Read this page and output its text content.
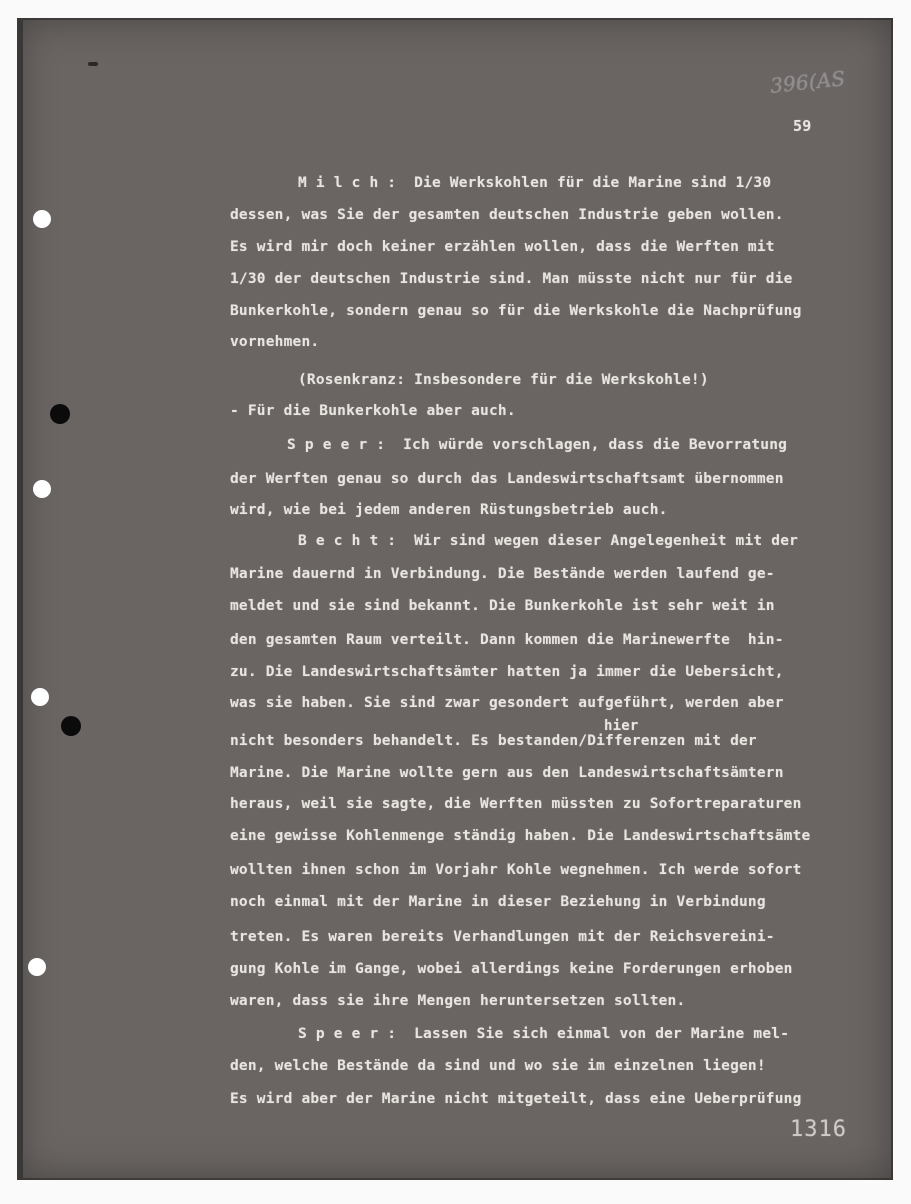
396(AS
59
M i l c h :  Die Werkskohlen für die Marine sind 1/30
dessen, was Sie der gesamten deutschen Industrie geben wollen.
Es wird mir doch keiner erzählen wollen, dass die Werften mit
1/30 der deutschen Industrie sind. Man müsste nicht nur für die
Bunkerkohle, sondern genau so für die Werkskohle die Nachprüfung
vornehmen.
(Rosenkranz: Insbesondere für die Werkskohle!)
- Für die Bunkerkohle aber auch.
S p e e r :  Ich würde vorschlagen, dass die Bevorratung
der Werften genau so durch das Landeswirtschaftsamt übernommen
wird, wie bei jedem anderen Rüstungsbetrieb auch.
B e c h t :  Wir sind wegen dieser Angelegenheit mit der
Marine dauernd in Verbindung. Die Bestände werden laufend ge-
meldet und sie sind bekannt. Die Bunkerkohle ist sehr weit in
den gesamten Raum verteilt. Dann kommen die Marinewerfte  hin-
zu. Die Landeswirtschaftsämter hatten ja immer die Uebersicht,
was sie haben. Sie sind zwar gesondert aufgeführt, werden aber
hier
nicht besonders behandelt. Es bestanden/Differenzen mit der
Marine. Die Marine wollte gern aus den Landeswirtschaftsämtern
heraus, weil sie sagte, die Werften müssten zu Sofortreparaturen
eine gewisse Kohlenmenge ständig haben. Die Landeswirtschaftsämte
wollten ihnen schon im Vorjahr Kohle wegnehmen. Ich werde sofort
noch einmal mit der Marine in dieser Beziehung in Verbindung
treten. Es waren bereits Verhandlungen mit der Reichsvereini-
gung Kohle im Gange, wobei allerdings keine Forderungen erhoben
waren, dass sie ihre Mengen heruntersetzen sollten.
S p e e r :  Lassen Sie sich einmal von der Marine mel-
den, welche Bestände da sind und wo sie im einzelnen liegen!
Es wird aber der Marine nicht mitgeteilt, dass eine Ueberprüfung
1316
